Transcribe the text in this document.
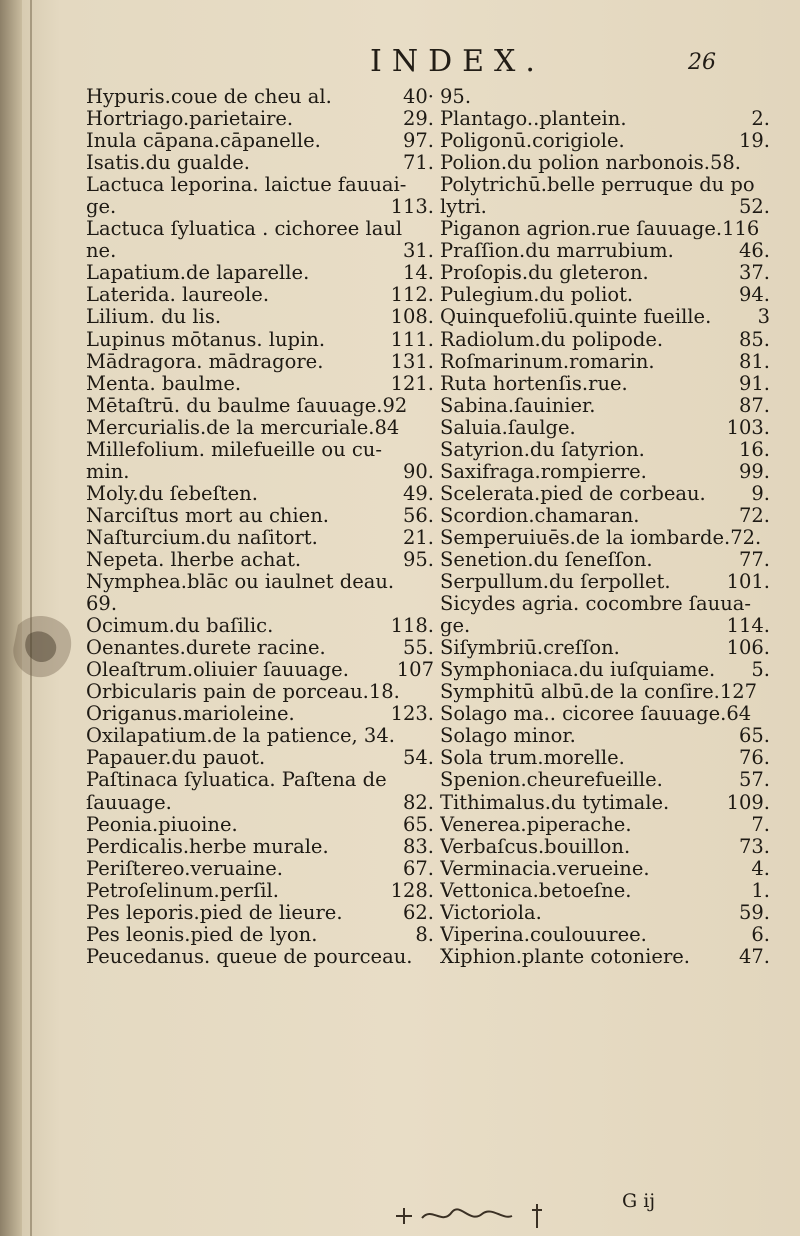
INDEX.	26
Hypuris.coue de cheu al.	40·
Hortriago.parietaire.	29.
Inula cāpana.cāpanelle.	97.
Isatis.du gualde.	71.
Lactuca leporina. laictue fauuai-
ge.	113.
Lactuca ſyluatica . cichoree laul
ne.	31.
Lapatium.de laparelle.	14.
Laterida. laureole.	112.
Lilium. du lis.	108.
Lupinus mōtanus. lupin.	111.
Mādragora. mādragore.	131.
Menta. baulme.	121.
Mētaſtrū. du baulme ſauuage.92
Mercurialis.de la mercuriale.84
Millefolium. milefueille ou cu-
min.	90.
Moly.du ſebeſten.	49.
Narciſtus mort au chien.	56.
Naſturcium.du naſitort.	21.
Nepeta. lherbe achat.	95.
Nymphea.blāc ou iaulnet deau.
69.
Ocimum.du baſilic.	118.
Oenantes.durete racine.	55.
Oleaſtrum.oliuier ſauuage.	107
Orbicularis pain de porceau.18.
Origanus.marioleine.	123.
Oxilapatium.de la patience, 34.
Papauer.du pauot.	54.
Paſtinaca ſyluatica. Paſtena de
ſauuage.	82.
Peonia.piuoine.	65.
Perdicalis.herbe murale.	83.
Periſtereo.veruaine.	67.
Petroſelinum.perſil.	128.
Pes leporis.pied de lieure.	62.
Pes leonis.pied de lyon.	8.
Peucedanus. queue de pourceau.
95.
Plantago..plantein.	2.
Poligonū.corigiole.	19.
Polion.du polion narbonois.58.
Polytrichū.belle perruque du po
lytri.	52.
Piganon agrion.rue ſauuage.116
Praſſion.du marrubium.	46.
Proſopis.du gleteron.	37.
Pulegium.du poliot.	94.
Quinquefoliū.quinte fueille.	3
Radiolum.du polipode.	85.
Roſmarinum.romarin.	81.
Ruta hortenſis.rue.	91.
Sabina.ſauinier.	87.
Saluia.ſaulge.	103.
Satyrion.du ſatyrion.	16.
Saxifraga.rompierre.	99.
Scelerata.pied de corbeau.	9.
Scordion.chamaran.	72.
Semperuiuēs.de la iombarde.72.
Senetion.du ſeneſſon.	77.
Serpullum.du ſerpollet.	101.
Sicydes agria. cocombre ſauua-
ge.	114.
Siſymbriū.creſſon.	106.
Symphoniaca.du iuſquiame.	5.
Symphitū albū.de la conſire.127
Solago ma.. cicoree ſauuage.64
Solago minor.	65.
Sola trum.morelle.	76.
Spenion.cheurefueille.	57.
Tithimalus.du tytimale.	109.
Venerea.piperache.	7.
Verbaſcus.bouillon.	73.
Verminacia.verueine.	4.
Vettonica.betoeſne.	1.
Victoriola.	59.
Viperina.coulouuree.	6.
Xiphion.plante cotoniere.	47.
G ij
